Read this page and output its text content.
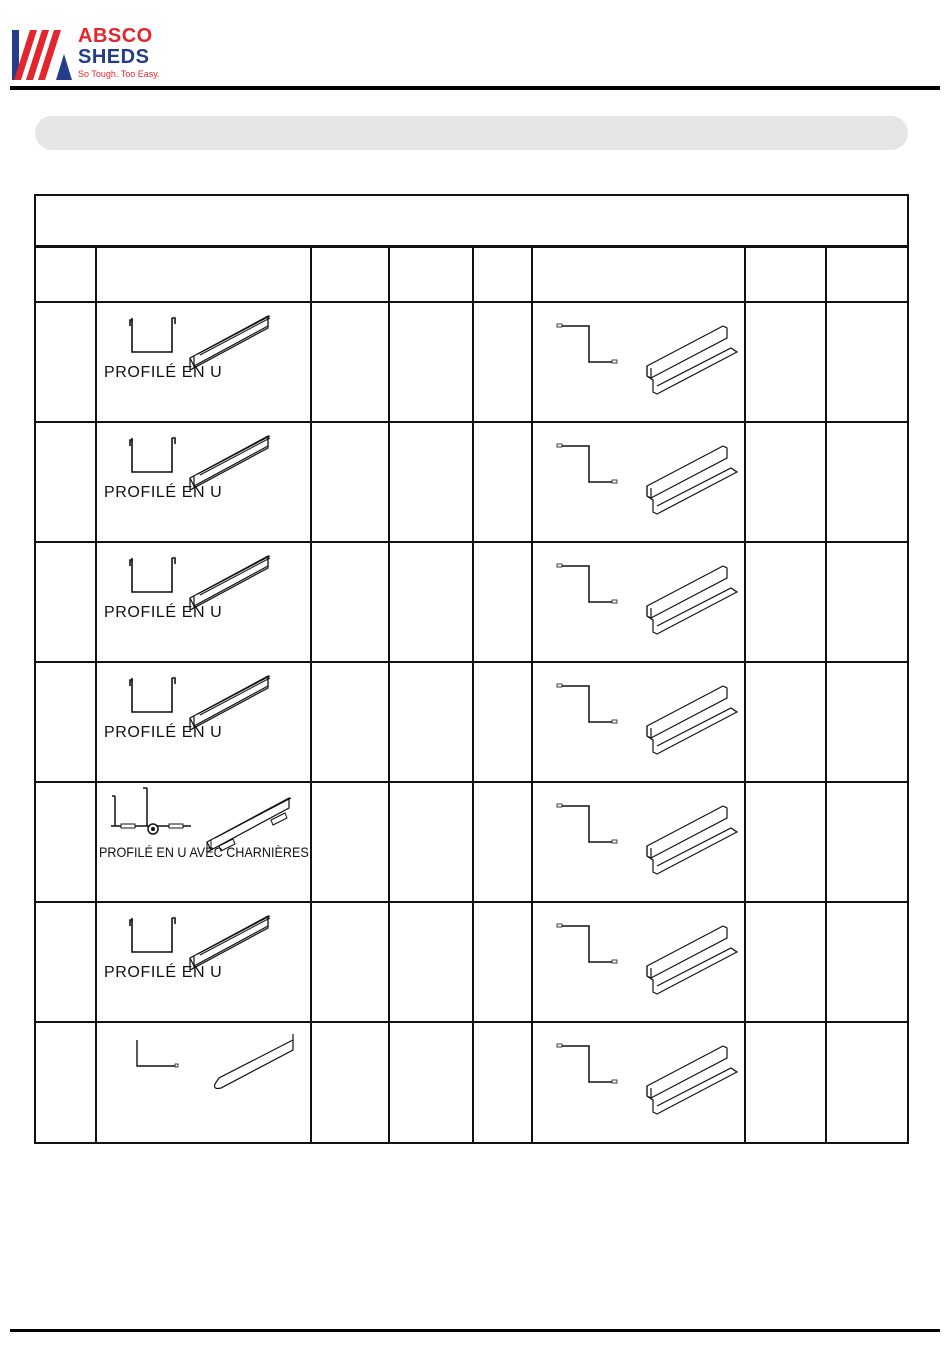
ABSCO
SHEDS
So Tough. Too Easy.
PROFILÉ EN U
PROFILÉ EN U
PROFILÉ EN U
PROFILÉ EN U
PROFILÉ EN U AVEC CHARNIÈRES
PROFILÉ EN U
